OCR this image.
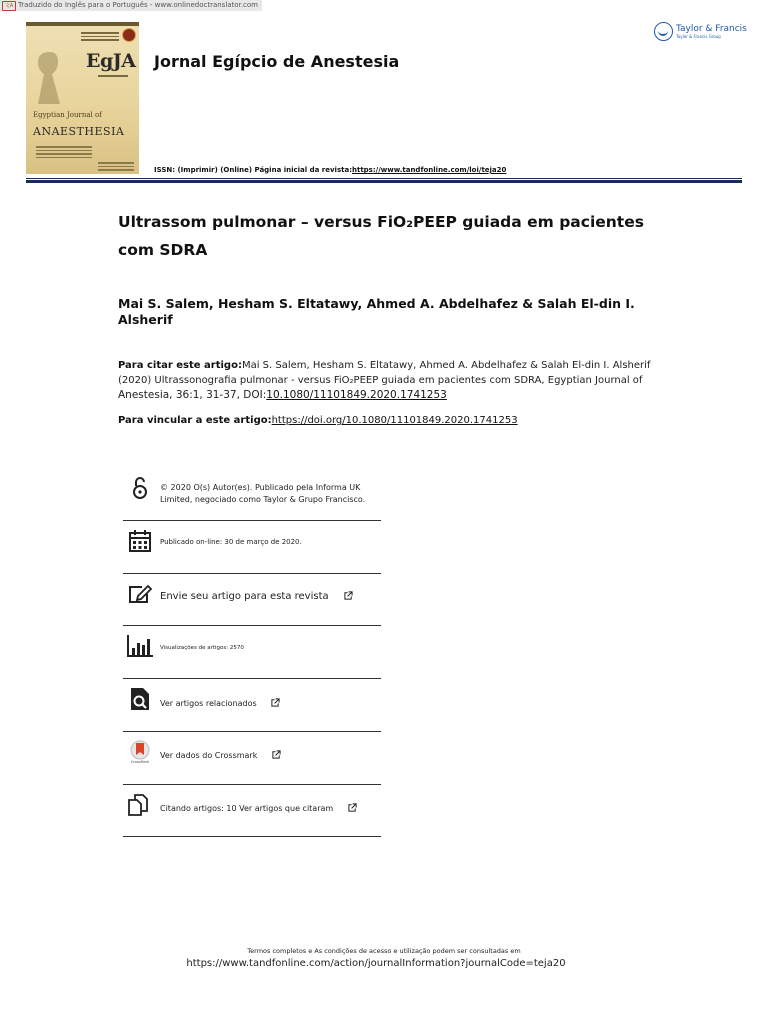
文A Traduzido do Inglês para o Português - www.onlinedoctranslator.com
EgJA
Egyptian Journal of
ANAESTHESIA
Jornal Egípcio de Anestesia
ISSN: (Imprimir) (Online) Página inicial da revista:https://www.tandfonline.com/loi/teja20
Taylor & Francis
Taylor & Francis Group
Ultrassom pulmonar – versus FiO₂PEEP guiada em pacientes com SDRA
Mai S. Salem, Hesham S. Eltatawy, Ahmed A. Abdelhafez & Salah El-din I. Alsherif
Para citar este artigo:Mai S. Salem, Hesham S. Eltatawy, Ahmed A. Abdelhafez & Salah El-din I. Alsherif (2020) Ultrassonografia pulmonar - versus FiO₂PEEP guiada em pacientes com SDRA, Egyptian Journal of Anestesia, 36:1, 31-37, DOI:10.1080/11101849.2020.1741253
Para vincular a este artigo:https://doi.org/10.1080/11101849.2020.1741253
© 2020 O(s) Autor(es). Publicado pela Informa UK Limited, negociado como Taylor & Grupo Francisco.
Publicado on-line: 30 de março de 2020.
Envie seu artigo para esta revista
Visualizações de artigos: 2570
Ver artigos relacionados
CrossMark
Ver dados do Crossmark
Citando artigos: 10 Ver artigos que citaram
Termos completos e As condições de acesso e utilização podem ser consultadas em
https://www.tandfonline.com/action/journalInformation?journalCode=teja20
